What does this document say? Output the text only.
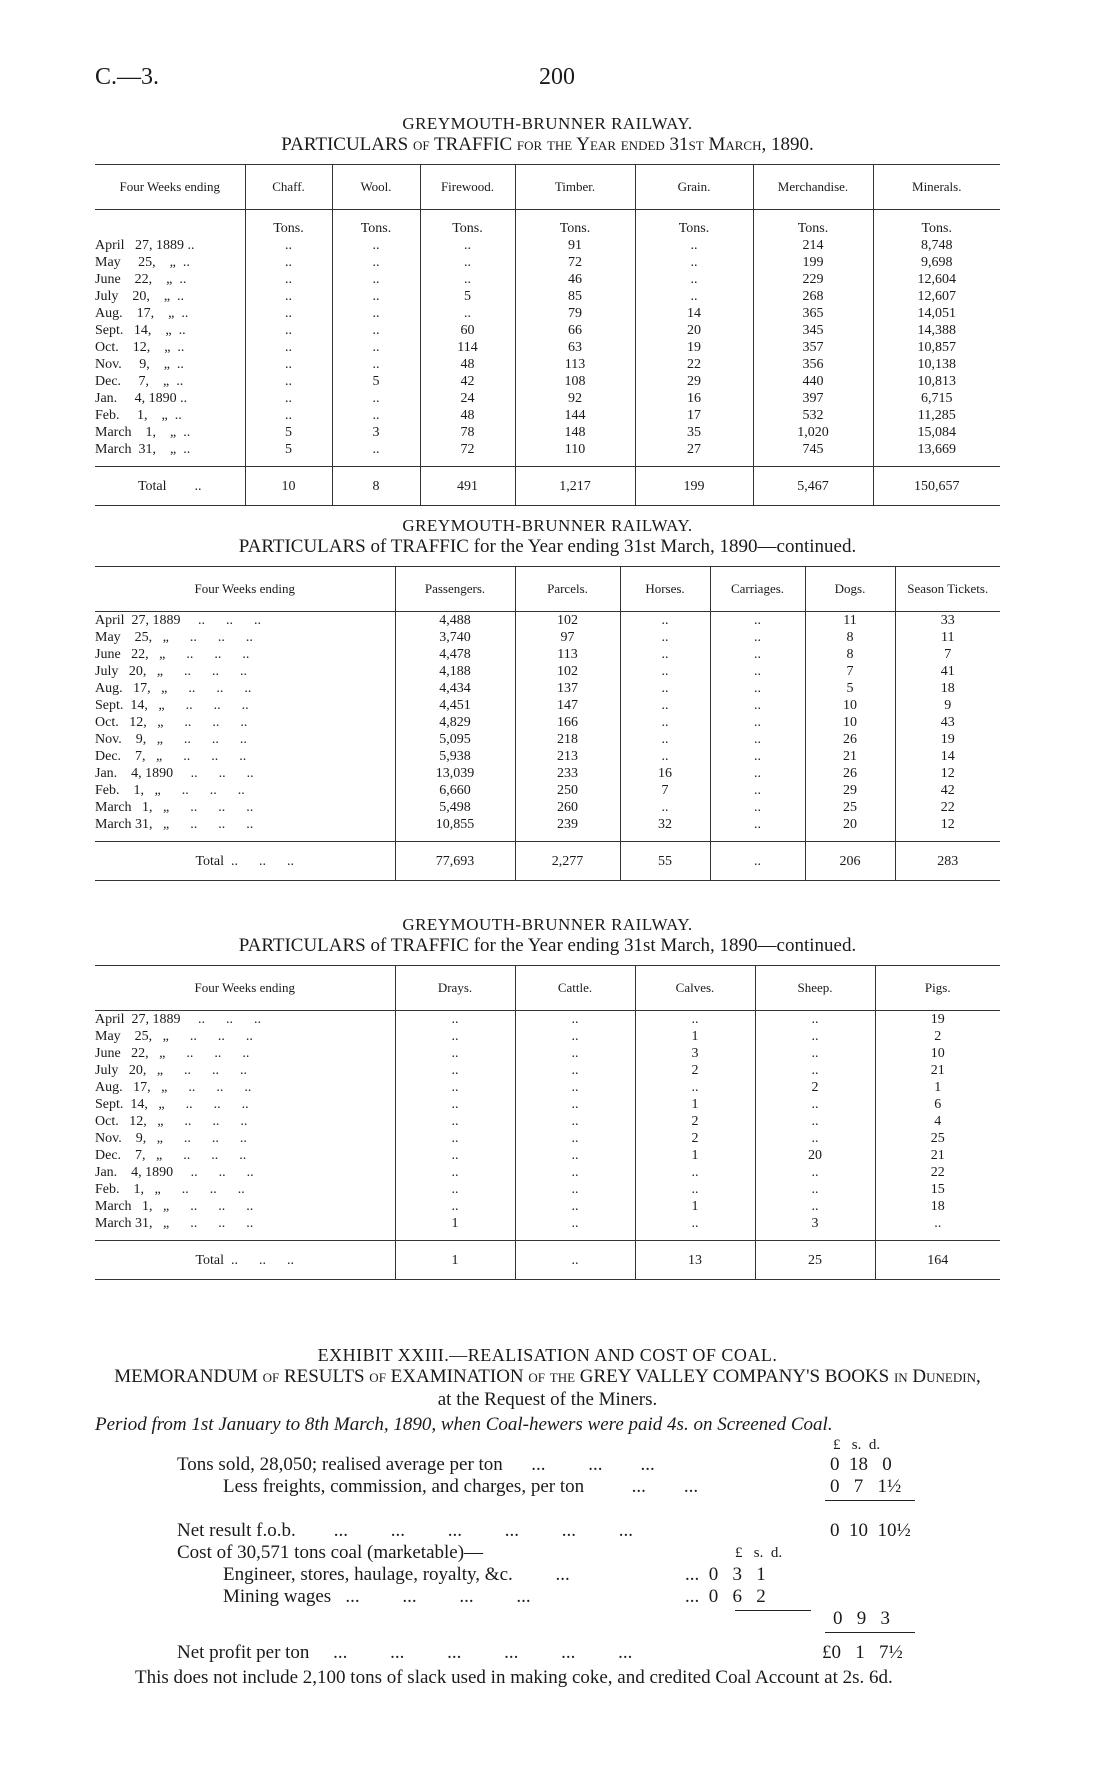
C.—3.	200
GREYMOUTH-BRUNNER RAILWAY.
PARTICULARS of TRAFFIC for the Year ended 31st March, 1890.
Four Weeks ending	Chaff.	Wool.	Firewood.	Timber.	Grain.	Merchandise.	Minerals.
	Tons.	Tons.	Tons.	Tons.	Tons.	Tons.	Tons.
April   27, 1889 ..	..	..	..	91	..	214	8,748
May     25,    „  ..	..	..	..	72	..	199	9,698
June    22,    „  ..	..	..	..	46	..	229	12,604
July    20,    „  ..	..	..	5	85	..	268	12,607
Aug.    17,    „  ..	..	..	..	79	14	365	14,051
Sept.   14,    „  ..	..	..	60	66	20	345	14,388
Oct.    12,    „  ..	..	..	114	63	19	357	10,857
Nov.     9,    „  ..	..	..	48	113	22	356	10,138
Dec.     7,    „  ..	..	5	42	108	29	440	10,813
Jan.     4, 1890 ..	..	..	24	92	16	397	6,715
Feb.     1,    „  ..	..	..	48	144	17	532	11,285
March    1,    „  ..	5	3	78	148	35	1,020	15,084
March  31,    „  ..	5	..	72	110	27	745	13,669
Total        ..	10	8	491	1,217	199	5,467	150,657
GREYMOUTH-BRUNNER RAILWAY.
PARTICULARS of TRAFFIC for the Year ending 31st March, 1890—continued.
Four Weeks ending	Passengers.	Parcels.	Horses.	Carriages.	Dogs.	Season Tickets.
April  27, 1889     ..      ..      ..	4,488	102	..	..	11	33
May    25,   „      ..      ..      ..	3,740	97	..	..	8	11
June   22,   „      ..      ..      ..	4,478	113	..	..	8	7
July   20,   „      ..      ..      ..	4,188	102	..	..	7	41
Aug.   17,   „      ..      ..      ..	4,434	137	..	..	5	18
Sept.  14,   „      ..      ..      ..	4,451	147	..	..	10	9
Oct.   12,   „      ..      ..      ..	4,829	166	..	..	10	43
Nov.    9,   „      ..      ..      ..	5,095	218	..	..	26	19
Dec.    7,   „      ..      ..      ..	5,938	213	..	..	21	14
Jan.    4, 1890     ..      ..      ..	13,039	233	16	..	26	12
Feb.    1,   „      ..      ..      ..	6,660	250	7	..	29	42
March   1,   „      ..      ..      ..	5,498	260	..	..	25	22
March 31,   „      ..      ..      ..	10,855	239	32	..	20	12
Total  ..      ..      ..	77,693	2,277	55	..	206	283
GREYMOUTH-BRUNNER RAILWAY.
PARTICULARS of TRAFFIC for the Year ending 31st March, 1890—continued.
Four Weeks ending	Drays.	Cattle.	Calves.	Sheep.	Pigs.
April  27, 1889     ..      ..      ..	..	..	..	..	19
May    25,   „      ..      ..      ..	..	..	1	..	2
June   22,   „      ..      ..      ..	..	..	3	..	10
July   20,   „      ..      ..      ..	..	..	2	..	21
Aug.   17,   „      ..      ..      ..	..	..	..	2	1
Sept.  14,   „      ..      ..      ..	..	..	1	..	6
Oct.   12,   „      ..      ..      ..	..	..	2	..	4
Nov.    9,   „      ..      ..      ..	..	..	2	..	25
Dec.    7,   „      ..      ..      ..	..	..	1	20	21
Jan.    4, 1890     ..      ..      ..	..	..	..	..	22
Feb.    1,   „      ..      ..      ..	..	..	..	..	15
March   1,   „      ..      ..      ..	..	..	1	..	18
March 31,   „      ..      ..      ..	1	..	..	3	..
Total  ..      ..      ..	1	..	13	25	164
EXHIBIT XXIII.—REALISATION AND COST OF COAL.
MEMORANDUM of RESULTS of EXAMINATION of the GREY VALLEY COMPANY'S BOOKS in Dunedin,
at the Request of the Miners.
Period from 1st January to 8th March, 1890, when Coal-hewers were paid 4s. on Screened Coal.
£   s.  d.
Tons sold, 28,050; realised average per ton      ...         ...        ...	0  18   0
Less freights, commission, and charges, per ton          ...        ...	0   7   1½
Net result f.o.b.        ...         ...         ...         ...         ...         ...	0  10  10½
Cost of 30,571 tons coal (marketable)—	£   s.  d.
Engineer, stores, haulage, royalty, &c.         ...	...  0   3   1
Mining wages   ...         ...         ...         ...	...  0   6   2
0   9   3
Net profit per ton     ...         ...         ...         ...         ...         ...	£0   1   7½
This does not include 2,100 tons of slack used in making coke, and credited Coal Account at 2s. 6d.
